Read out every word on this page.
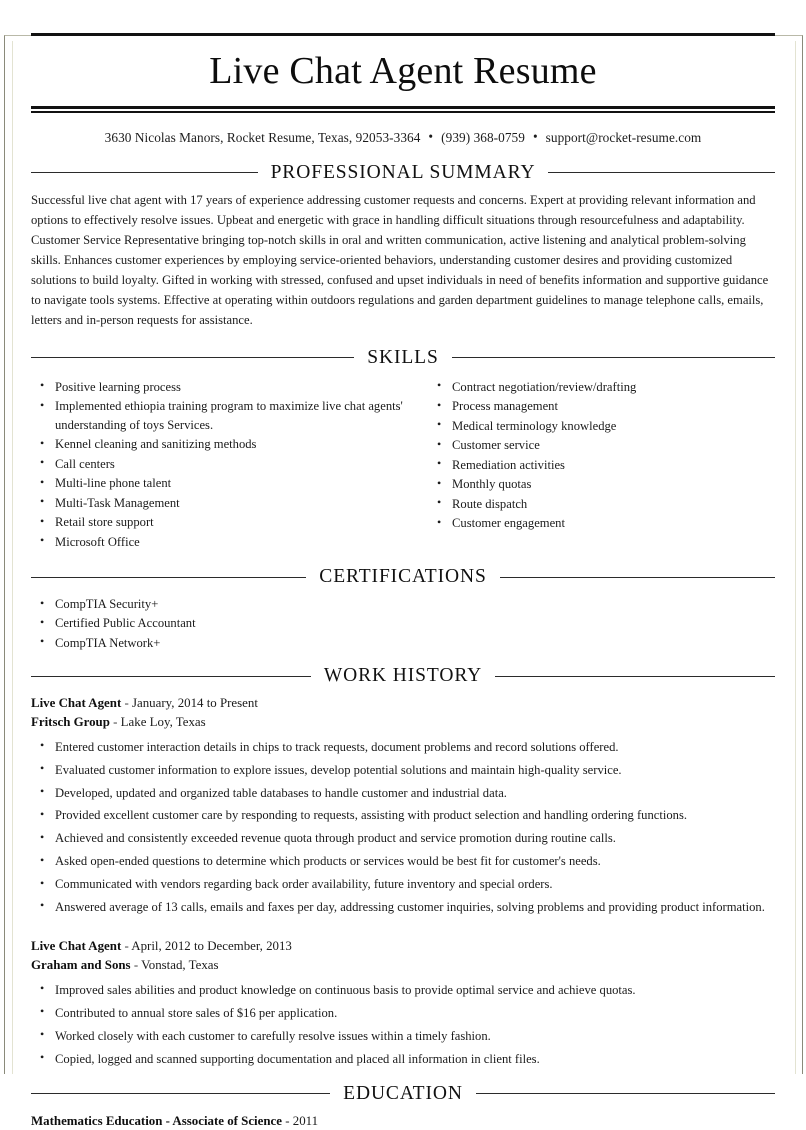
Live Chat Agent Resume
3630 Nicolas Manors, Rocket Resume, Texas, 92053-3364 • (939) 368-0759 • support@rocket-resume.com
PROFESSIONAL SUMMARY

Successful live chat agent with 17 years of experience addressing customer requests and concerns. Expert at providing relevant information and options to effectively resolve issues. Upbeat and energetic with grace in handling difficult situations through resourcefulness and adaptability. Customer Service Representative bringing top-notch skills in oral and written communication, active listening and analytical problem-solving skills. Enhances customer experiences by employing service-oriented behaviors, understanding customer desires and providing customized solutions to build loyalty. Gifted in working with stressed, confused and upset individuals in need of benefits information and supportive guidance to navigate tools systems. Effective at operating within outdoors regulations and garden department guidelines to manage telephone calls, emails, letters and in-person requests for assistance.

SKILLS
• Positive learning process
• Implemented ethiopia training program to maximize live chat agents' understanding of toys Services.
• Kennel cleaning and sanitizing methods
• Call centers
• Multi-line phone talent
• Multi-Task Management
• Retail store support
• Microsoft Office
• Contract negotiation/review/drafting
• Process management
• Medical terminology knowledge
• Customer service
• Remediation activities
• Monthly quotas
• Route dispatch
• Customer engagement
CERTIFICATIONS
• CompTIA Security+
• Certified Public Accountant
• CompTIA Network+
WORK HISTORY
Live Chat Agent - January, 2014 to Present
Fritsch Group - Lake Loy, Texas
• Entered customer interaction details in chips to track requests, document problems and record solutions offered.
• Evaluated customer information to explore issues, develop potential solutions and maintain high-quality service.
• Developed, updated and organized table databases to handle customer and industrial data.
• Provided excellent customer care by responding to requests, assisting with product selection and handling ordering functions.
• Achieved and consistently exceeded revenue quota through product and service promotion during routine calls.
• Asked open-ended questions to determine which products or services would be best fit for customer's needs.
• Communicated with vendors regarding back order availability, future inventory and special orders.
• Answered average of 13 calls, emails and faxes per day, addressing customer inquiries, solving problems and providing product information.
Live Chat Agent - April, 2012 to December, 2013
Graham and Sons - Vonstad, Texas
• Improved sales abilities and product knowledge on continuous basis to provide optimal service and achieve quotas.
• Contributed to annual store sales of $16 per application.
• Worked closely with each customer to carefully resolve issues within a timely fashion.
• Copied, logged and scanned supporting documentation and placed all information in client files.
EDUCATION
Mathematics Education - Associate of Science - 2011
